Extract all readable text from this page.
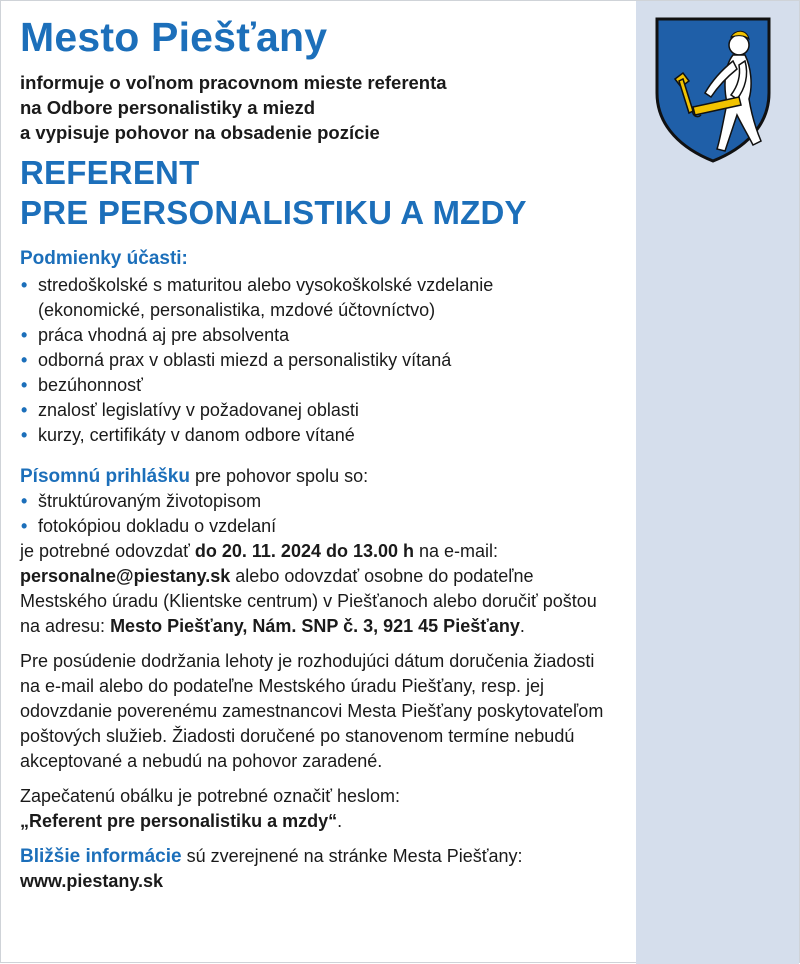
Mesto Piešťany
informuje o voľnom pracovnom mieste referenta
na Odbore personalistiky a miezd
a vypisuje pohovor na obsadenie pozície
REFERENT
PRE PERSONALISTIKU A MZDY
Podmienky účasti:
• stredoškolské s maturitou alebo vysokoškolské vzdelanie
(ekonomické, personalistika, mzdové účtovníctvo)
• práca vhodná aj pre absolventa
• odborná prax v oblasti miezd a personalistiky vítaná
• bezúhonnosť
• znalosť legislatívy v požadovanej oblasti
• kurzy, certifikáty v danom odbore vítané
Písomnú prihlášku pre pohovor spolu so:
• štruktúrovaným životopisom
• fotokópiou dokladu o vzdelaní
je potrebné odovzdať do 20. 11. 2024 do 13.00 h na e-mail:
personalne@piestany.sk alebo odovzdať osobne do podateľne
Mestského úradu (Klientske centrum) v Piešťanoch alebo doručiť poštou
na adresu: Mesto Piešťany, Nám. SNP č. 3, 921 45 Piešťany.
Pre posúdenie dodržania lehoty je rozhodujúci dátum doručenia žiadosti
na e-mail alebo do podateľne Mestského úradu Piešťany, resp. jej
odovzdanie poverenému zamestnancovi Mesta Piešťany poskytovateľom
poštových služieb. Žiadosti doručené po stanovenom termíne nebudú
akceptované a nebudú na pohovor zaradené.
Zapečatenú obálku je potrebné označiť heslom:
„Referent pre personalistiku a mzdy“.
Bližšie informácie sú zverejnené na stránke Mesta Piešťany:
www.piestany.sk
